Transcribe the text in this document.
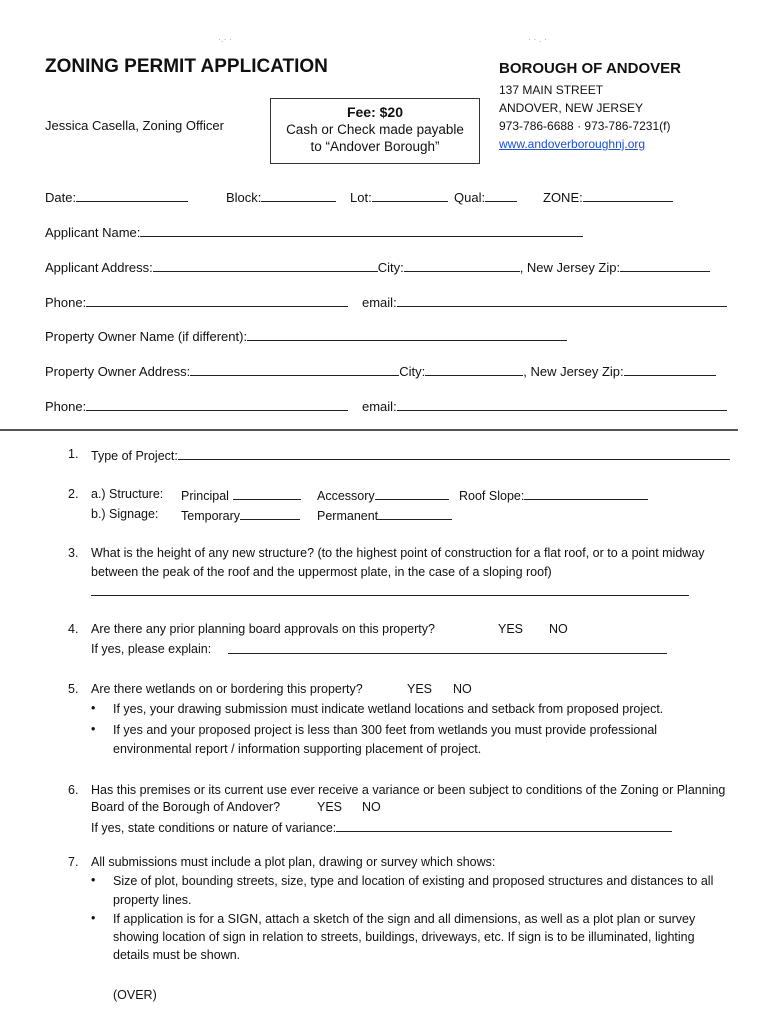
·.· ·	· · . ·
ZONING PERMIT APPLICATION
Jessica Casella, Zoning Officer
Fee: $20
Cash or Check made payable
to “Andover Borough”
BOROUGH OF ANDOVER
137 MAIN STREET
ANDOVER, NEW JERSEY
973-786-6688 · 973-786-7231(f)
www.andoverboroughnj.org
Date:	Block:	Lot:	Qual:	ZONE:
Applicant Name:
Applicant Address:	City:	, New Jersey Zip:
Phone:	email:
Property Owner Name (if different):
Property Owner Address:	City:	, New Jersey Zip:
Phone:	email:
1. Type of Project:
2. a.) Structure: Principal	Accessory	Roof Slope:
b.) Signage: Temporary	Permanent
3. What is the height of any new structure? (to the highest point of construction for a flat roof, or to a point midway
between the peak of the roof and the uppermost plate, in the case of a sloping roof)
4. Are there any prior planning board approvals on this property?	YES NO
If yes, please explain:
5. Are there wetlands on or bordering this property?	YES NO
• If yes, your drawing submission must indicate wetland locations and setback from proposed project.
• If yes and your proposed project is less than 300 feet from wetlands you must provide professional
environmental report / information supporting placement of project.
6. Has this premises or its current use ever receive a variance or been subject to conditions of the Zoning or Planning
Board of the Borough of Andover?	YES NO
If yes, state conditions or nature of variance:
7. All submissions must include a plot plan, drawing or survey which shows:
• Size of plot, bounding streets, size, type and location of existing and proposed structures and distances to all
property lines.
• If application is for a SIGN, attach a sketch of the sign and all dimensions, as well as a plot plan or survey
showing location of sign in relation to streets, buildings, driveways, etc. If sign is to be illuminated, lighting
details must be shown.
(OVER)
